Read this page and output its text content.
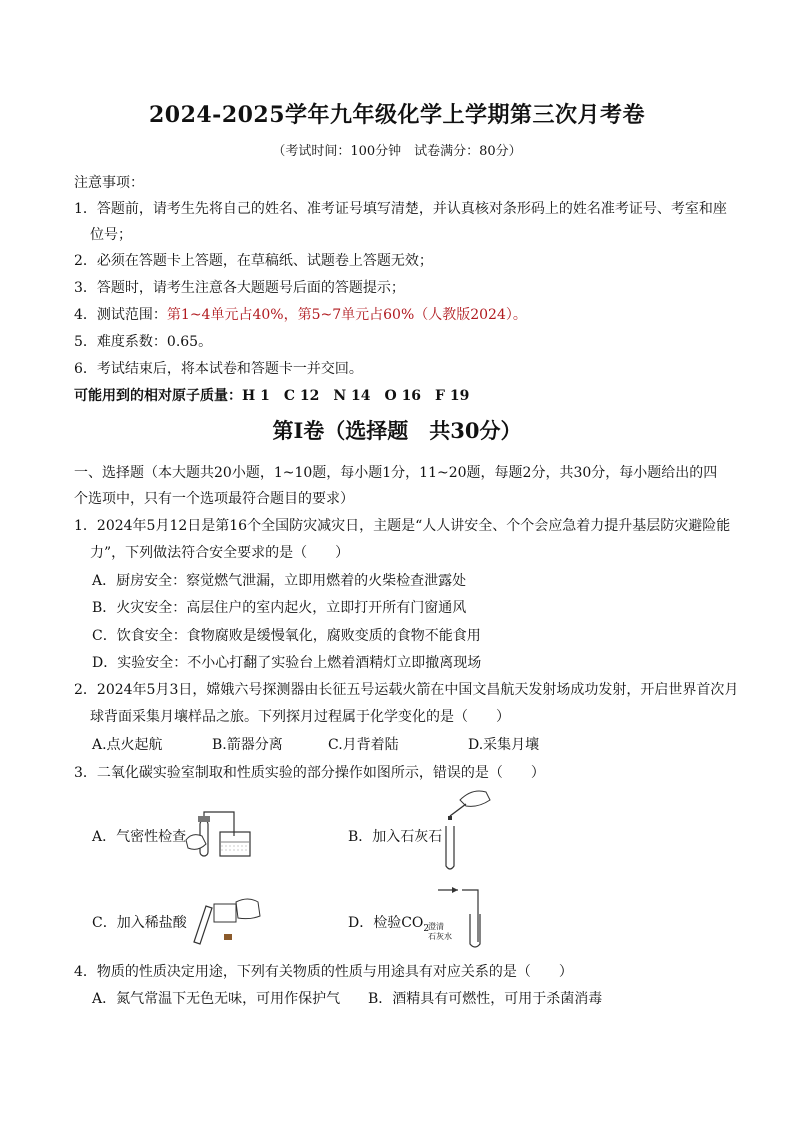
2024-2025学年九年级化学上学期第三次月考卷
（考试时间：100分钟　试卷满分：80分）
注意事项：
1．答题前，请考生先将自己的姓名、准考证号填写清楚，并认真核对条形码上的姓名准考证号、考室和座
位号；
2．必须在答题卡上答题，在草稿纸、试题卷上答题无效；
3．答题时，请考生注意各大题题号后面的答题提示；
4．测试范围：第1~4单元占40%，第5~7单元占60%（人教版2024）。
5．难度系数：0.65。
6．考试结束后，将本试卷和答题卡一并交回。
可能用到的相对原子质量：H 1　C 12　N 14　O 16　F 19
第Ⅰ卷（选择题　共30分）
一、选择题（本大题共20小题，1~10题，每小题1分，11~20题，每题2分，共30分，每小题给出的四
个选项中，只有一个选项最符合题目的要求）
1．2024年5月12日是第16个全国防灾减灾日，主题是“人人讲安全、个个会应急着力提升基层防灾避险能
力”，下列做法符合安全要求的是（　　）
A．厨房安全：察觉燃气泄漏，立即用燃着的火柴检查泄露处
B．火灾安全：高层住户的室内起火，立即打开所有门窗通风
C．饮食安全：食物腐败是缓慢氧化，腐败变质的食物不能食用
D．实验安全：不小心打翻了实验台上燃着酒精灯立即撤离现场
2．2024年5月3日，嫦娥六号探测器由长征五号运载火箭在中国文昌航天发射场成功发射，开启世界首次月
球背面采集月壤样品之旅。下列探月过程属于化学变化的是（　　）
A.点火起航	B.箭器分离	C.月背着陆	D.采集月壤
3．二氧化碳实验室制取和性质实验的部分操作如图所示，错误的是（　　）
A．气密性检查	B．加入石灰石
C．加入稀盐酸	D．检验$CO_2$
澄清
石灰水
4．物质的性质决定用途，下列有关物质的性质与用途具有对应关系的是（　　）
A．氮气常温下无色无味，可用作保护气 B．酒精具有可燃性，可用于杀菌消毒
